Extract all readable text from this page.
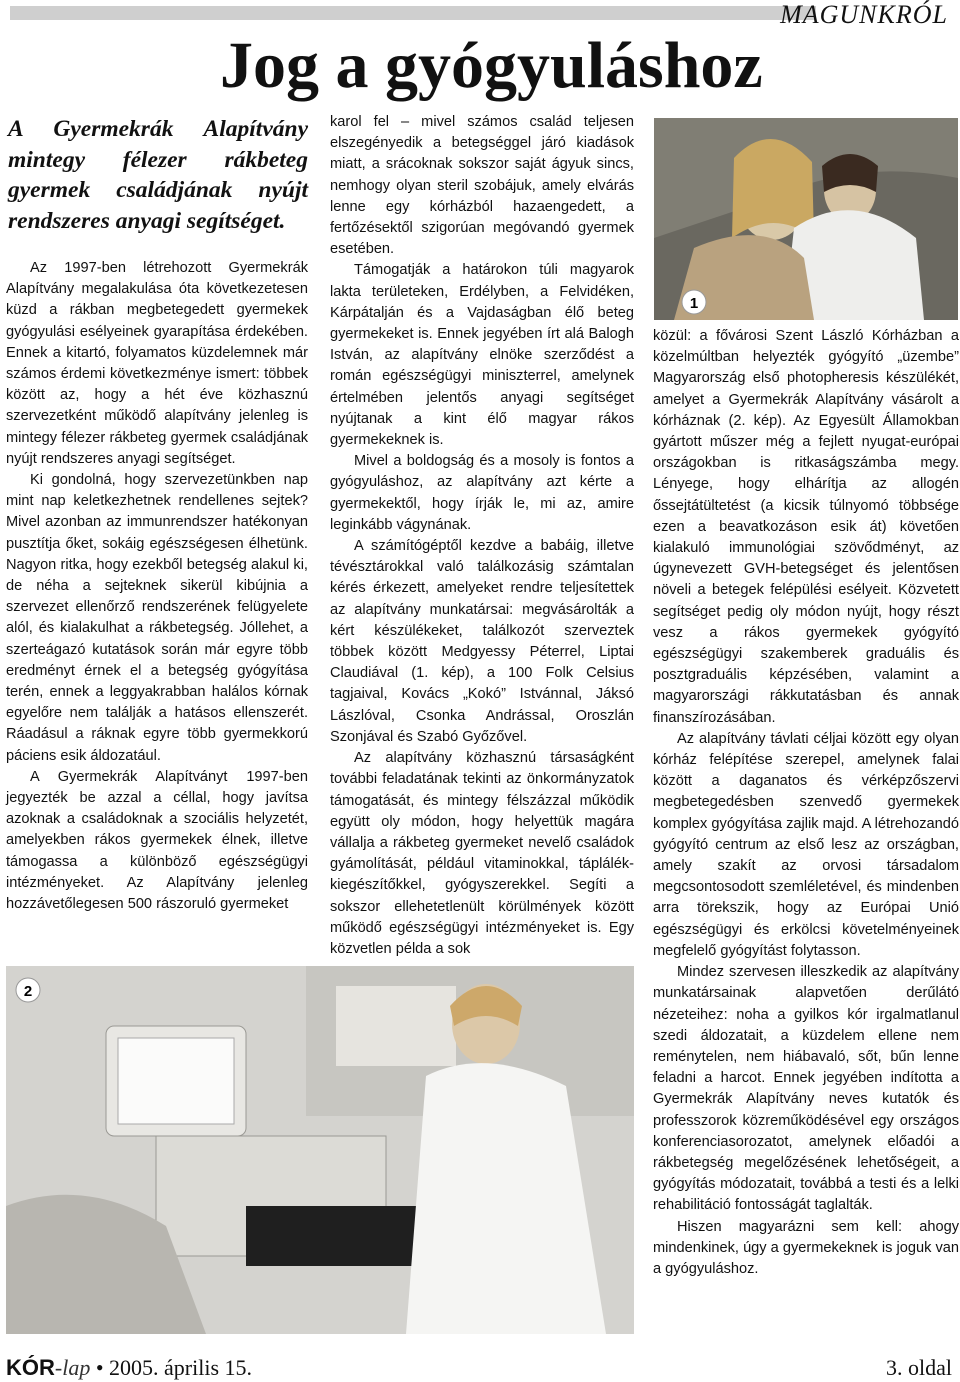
MAGUNKRÓL
Jog a gyógyuláshoz
A Gyermekrák Alapítvány mintegy félezer rákbeteg gyermek családjának nyújt rendszeres anyagi segítséget.

Az 1997-ben létrehozott Gyermekrák Alapítvány megalakulása óta következetesen küzd a rákban megbetegedett gyermekek gyógyulási esélyeinek gyarapítása érdekében. Ennek a kitartó, folyamatos küzdelemnek már számos érdemi következménye ismert: többek között az, hogy a hét éve közhasznú szervezetként működő alapítvány jelenleg is mintegy félezer rákbeteg gyermek családjának nyújt rendszeres anyagi segítséget.

Ki gondolná, hogy szervezetünkben nap mint nap keletkezhetnek rendellenes sejtek? Mivel azonban az immunrendszer hatékonyan pusztítja őket, sokáig egészségesen élhetünk. Nagyon ritka, hogy ezekből betegség alakul ki, de néha a sejteknek sikerül kibújnia a szervezet ellenőrző rendszerének felügyelete alól, és kialakulhat a rákbetegség. Jóllehet, a szerteágazó kutatások során már egyre több eredményt érnek el a betegség gyógyítása terén, ennek a leggyakrabban halálos kórnak egyelőre nem találják a hatásos ellenszerét. Ráadásul a ráknak egyre több gyermekkorú páciens esik áldozatául.

A Gyermekrák Alapítványt 1997-ben jegyezték be azzal a céllal, hogy javítsa azoknak a családoknak a szociális helyzetét, amelyekben rákos gyermekek élnek, illetve támogassa a különböző egészségügyi intézményeket. Az Alapítvány jelenleg hozzávetőlegesen 500 rászoruló gyermeket

karol fel – mivel számos család teljesen elszegényedik a betegséggel járó kiadások miatt, a srácoknak sokszor saját ágyuk sincs, nemhogy olyan steril szobájuk, amely elvárás lenne egy kórházból hazaengedett, a fertőzésektől szigorúan megóvandó gyermek esetében.

Támogatják a határokon túli magyarok lakta területeken, Erdélyben, a Felvidéken, Kárpátalján és a Vajdaságban élő beteg gyermekeket is. Ennek jegyében írt alá Balogh István, az alapítvány elnöke szerződést a román egészségügyi miniszterrel, amelynek értelmében jelentős anyagi segítséget nyújtanak a kint élő magyar rákos gyermekeknek is.

Mivel a boldogság és a mosoly is fontos a gyógyuláshoz, az alapítvány azt kérte a gyermekektől, hogy írják le, mi az, amire leginkább vágynának.

A számítógéptől kezdve a babáig, illetve tévésztárokkal való találkozásig számtalan kérés érkezett, amelyeket rendre teljesítettek az alapítvány munkatársai: megvásárolták a kért készülékeket, találkozót szerveztek többek között Medgyessy Péterrel, Liptai Claudiával (1. kép), a 100 Folk Celsius tagjaival, Kovács „Kokó” Istvánnal, Jáksó Lászlóval, Csonka Andrással, Oroszlán Szonjával és Szabó Győzővel.

Az alapítvány közhasznú társaságként további feladatának tekinti az önkormányzatok támogatását, és mintegy félszázzal működik együtt oly módon, hogy helyettük magára vállalja a rákbeteg gyermeket nevelő családok gyámolítását, például vitaminokkal, táplálék-kiegészítőkkel, gyógyszerekkel. Segíti a sokszor ellehetetlenült körülmények között működő egészségügyi intézményeket is. Egy közvetlen példa a sok

1

közül: a fővárosi Szent László Kórházban a közelmúltban helyezték gyógyító „üzembe” Magyarország első photopheresis készülékét, amelyet a Gyermekrák Alapítvány vásárolt a kórháznak (2. kép). Az Egyesült Államokban gyártott műszer még a fejlett nyugat-európai országokban is ritkaságszámba megy. Lényege, hogy elhárítja az allogén őssejtátültetést (a kicsik túlnyomó többsége ezen a beavatkozáson esik át) követően kialakuló immunológiai szövődményt, az úgynevezett GVH-betegséget és jelentősen növeli a betegek felépülési esélyeit. Közvetett segítséget pedig oly módon nyújt, hogy részt vesz a rákos gyermekek gyógyító egészségügyi szakemberek graduális és posztgraduális képzésében, valamint a magyarországi rákkutatásban és annak finanszírozásában.

Az alapítvány távlati céljai között egy olyan kórház felépítése szerepel, amelynek falai között a daganatos és vérképzőszervi megbetegedésben szenvedő gyermekek komplex gyógyítása zajlik majd. A létrehozandó gyógyító centrum az első lesz az országban, amely szakít az orvosi társadalom megcsontosodott szemléletével, és mindenben arra törekszik, hogy az Európai Unió egészségügyi és erkölcsi követelményeinek megfelelő gyógyítást folytasson.

Mindez szervesen illeszkedik az alapítvány munkatársainak alapvetően derűlátó nézeteihez: noha a gyilkos kór irgalmatlanul szedi áldozatait, a küzdelem ellene nem reménytelen, nem hiábavaló, sőt, bűn lenne feladni a harcot. Ennek jegyében indította a Gyermekrák Alapítvány neves kutatók és professzorok közreműködésével egy országos konferenciasorozatot, amelynek előadói a rákbetegség megelőzésének lehetőségeit, a gyógyítás módozatait, továbbá a testi és a lelki rehabilitáció fontosságát taglalták.

Hiszen magyarázni sem kell: ahogy mindenkinek, úgy a gyermekeknek is joguk van a gyógyuláshoz.

2
KÓR-lap • 2005. április 15.	3. oldal
